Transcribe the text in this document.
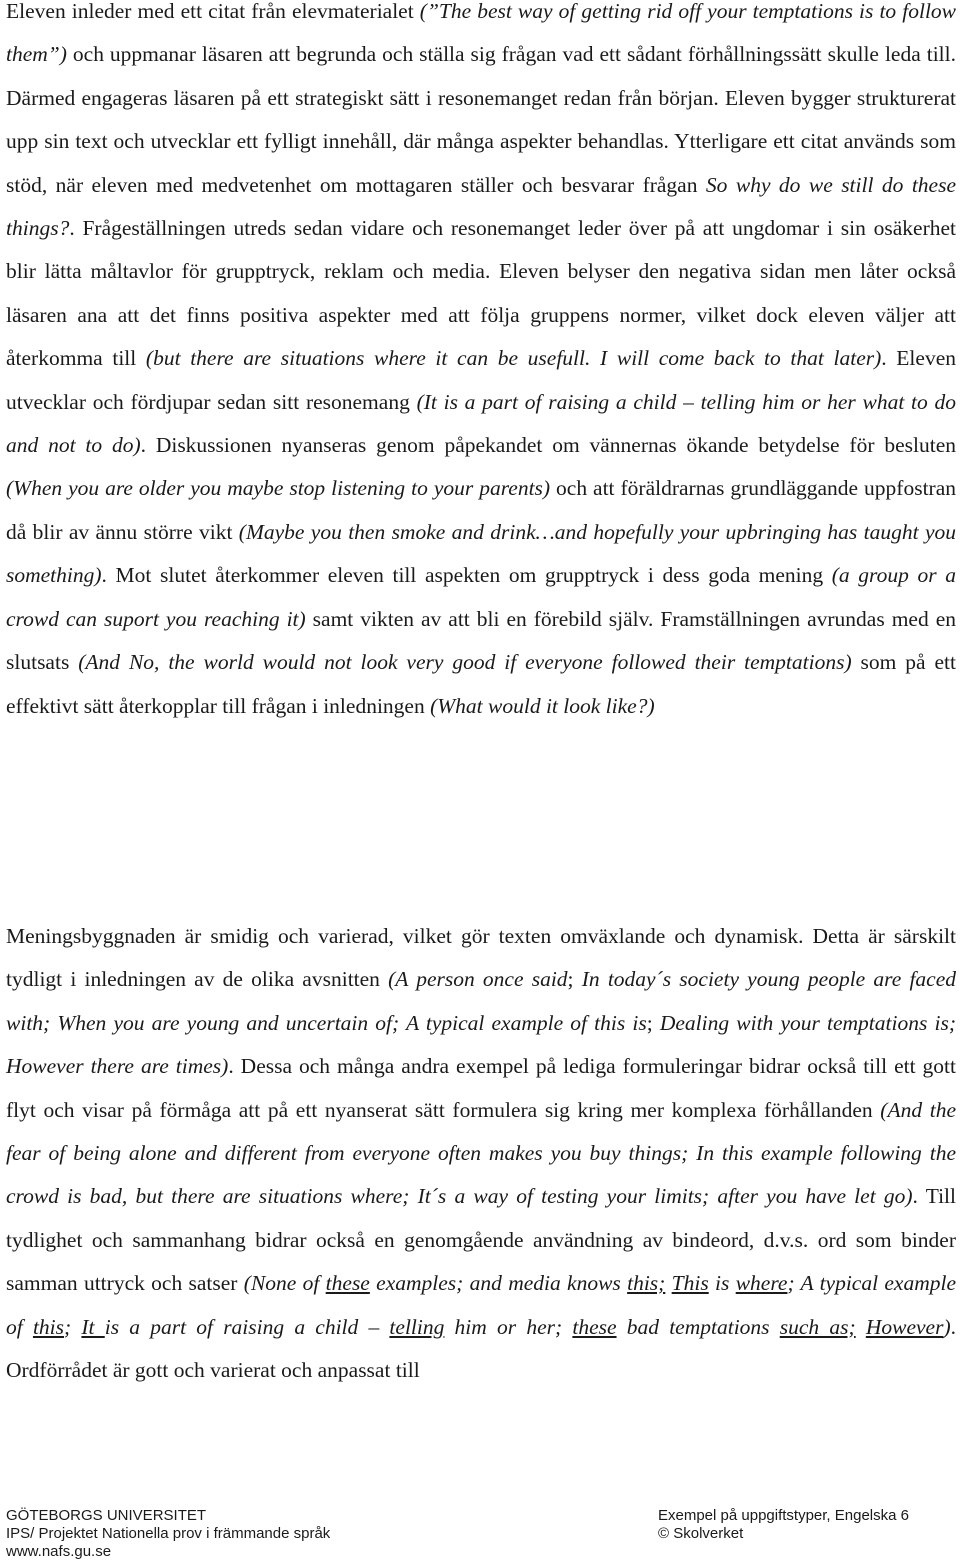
Eleven inleder med ett citat från elevmaterialet (”The best way of getting rid off your temptations is to follow them”) och uppmanar läsaren att begrunda och ställa sig frågan vad ett sådant förhållningssätt skulle leda till. Därmed engageras läsaren på ett strategiskt sätt i resonemanget redan från början. Eleven bygger strukturerat upp sin text och utvecklar ett fylligt innehåll, där många aspekter behandlas. Ytterligare ett citat används som stöd, när eleven med medvetenhet om mottagaren ställer och besvarar frågan So why do we still do these things?. Frågeställningen utreds sedan vidare och resonemanget leder över på att ungdomar i sin osäkerhet blir lätta måltavlor för grupptryck, reklam och media. Eleven belyser den negativa sidan men låter också läsaren ana att det finns positiva aspekter med att följa gruppens normer, vilket dock eleven väljer att återkomma till (but there are situations where it can be usefull. I will come back to that later). Eleven utvecklar och fördjupar sedan sitt resonemang (It is a part of raising a child – telling him or her what to do and not to do). Diskussionen nyanseras genom påpekandet om vännernas ökande betydelse för besluten (When you are older you maybe stop listening to your parents) och att föräldrarnas grundläggande uppfostran då blir av ännu större vikt (Maybe you then smoke and drink…and hopefully your upbringing has taught you something). Mot slutet återkommer eleven till aspekten om grupptryck i dess goda mening (a group or a crowd can suport you reaching it) samt vikten av att bli en förebild själv. Framställningen avrundas med en slutsats (And No, the world would not look very good if everyone followed their temptations) som på ett effektivt sätt återkopplar till frågan i inledningen (What would it look like?)

Meningsbyggnaden är smidig och varierad, vilket gör texten omväxlande och dynamisk. Detta är särskilt tydligt i inledningen av de olika avsnitten (A person once said; In today´s society young people are faced with; When you are young and uncertain of; A typical example of this is; Dealing with your temptations is; However there are times). Dessa och många andra exempel på lediga formuleringar bidrar också till ett gott flyt och visar på förmåga att på ett nyanserat sätt formulera sig kring mer komplexa förhållanden (And the fear of being alone and different from everyone often makes you buy things; In this example following the crowd is bad, but there are situations where; It´s a way of testing your limits; after you have let go). Till tydlighet och sammanhang bidrar också en genomgående användning av bindeord, d.v.s. ord som binder samman uttryck och satser (None of these examples; and media knows this; This is where; A typical example of this; It is a part of raising a child – telling him or her; these bad temptations such as; However). Ordförrådet är gott och varierat och anpassat till

GÖTEBORGS UNIVERSITET
IPS/ Projektet Nationella prov i främmande språk
www.nafs.gu.se
Exempel på uppgiftstyper, Engelska 6
© Skolverket
